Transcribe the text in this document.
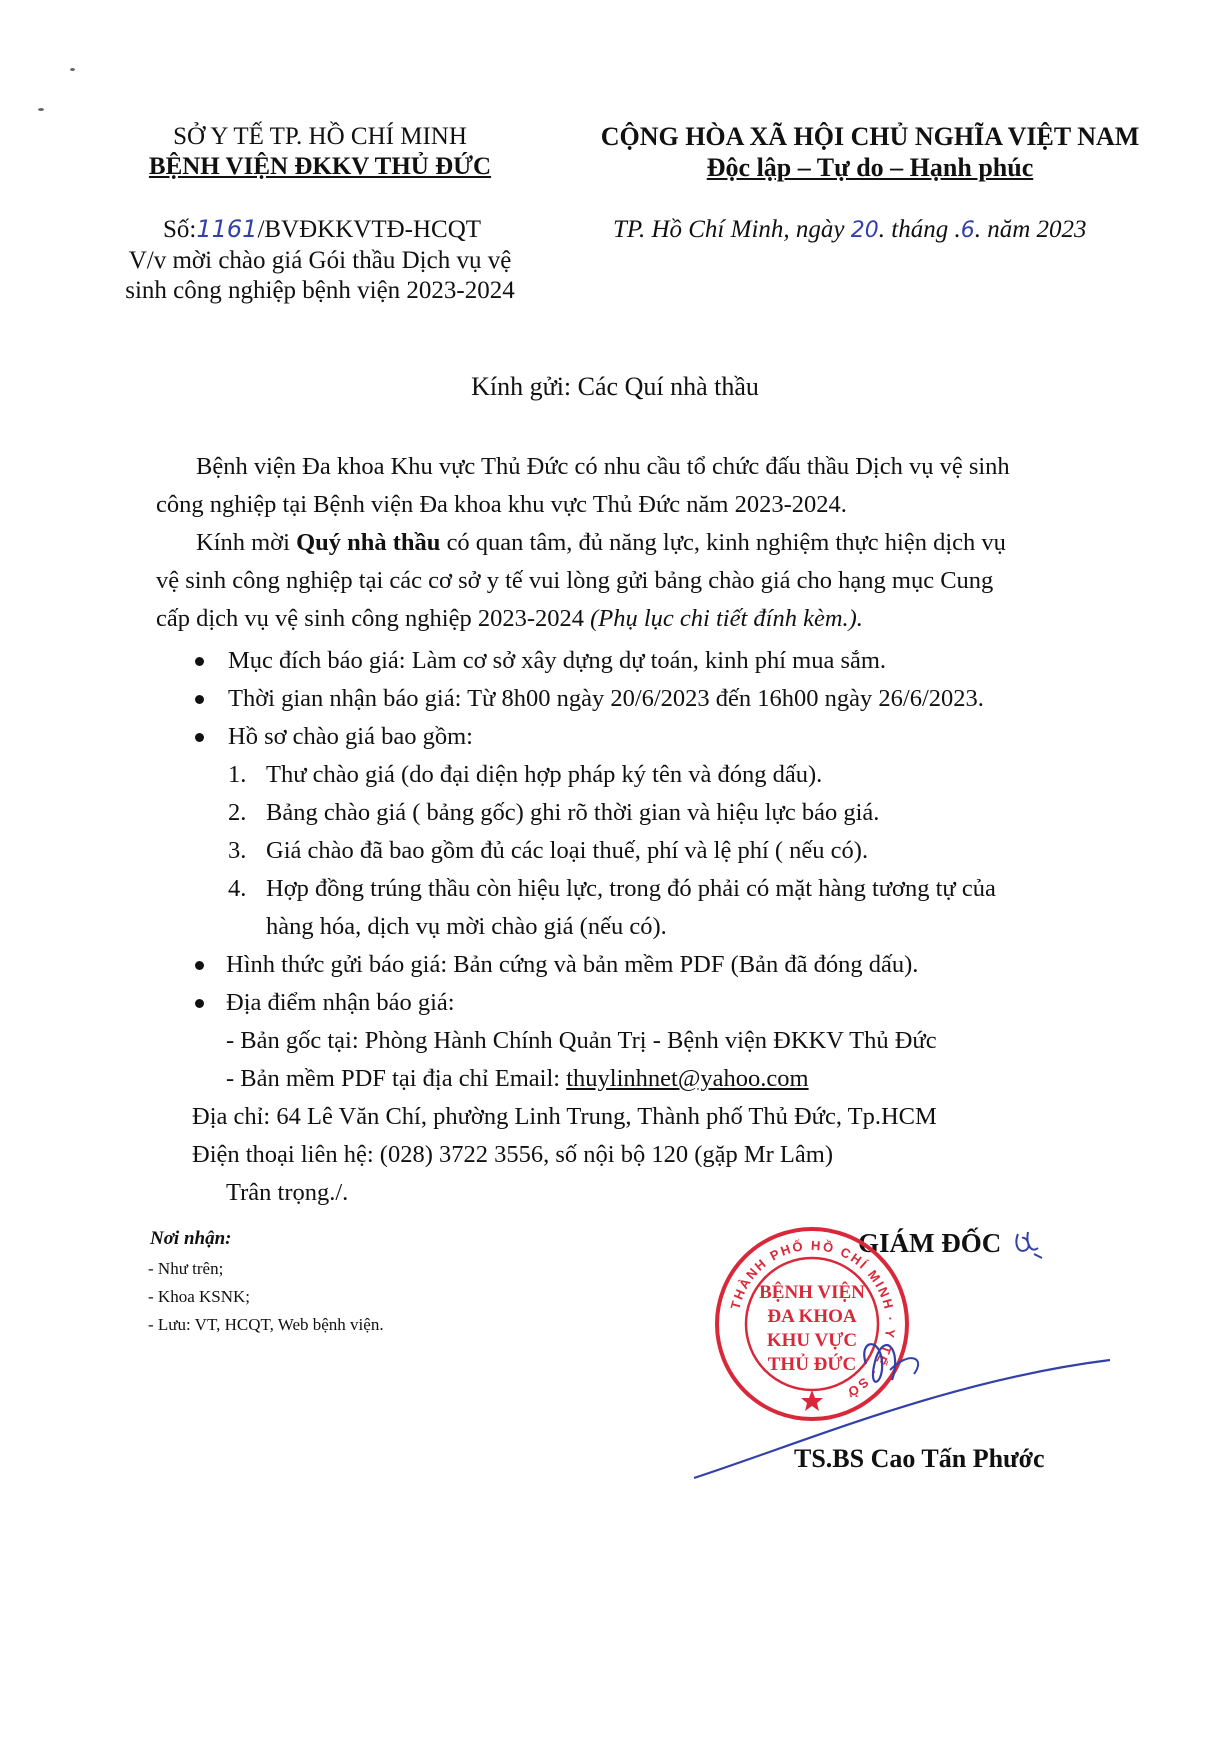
SỞ Y TẾ TP. HỒ CHÍ MINH
BỆNH VIỆN ĐKKV THỦ ĐỨC
Số:1161/BVĐKKVTĐ-HCQT
V/v mời chào giá Gói thầu Dịch vụ vệ
sinh công nghiệp bệnh viện 2023-2024
CỘNG HÒA XÃ HỘI CHỦ NGHĨA VIỆT NAM
Độc lập – Tự do – Hạnh phúc
TP. Hồ Chí Minh, ngày 20. tháng .6. năm 2023
Kính gửi: Các Quí nhà thầu
Bệnh viện Đa khoa Khu vực Thủ Đức có nhu cầu tổ chức đấu thầu Dịch vụ vệ sinh
công nghiệp tại Bệnh viện Đa khoa khu vực Thủ Đức năm 2023-2024.
Kính mời Quý nhà thầu có quan tâm, đủ năng lực, kinh nghiệm thực hiện dịch vụ
vệ sinh công nghiệp tại các cơ sở y tế vui lòng gửi bảng chào giá cho hạng mục Cung
cấp dịch vụ vệ sinh công nghiệp 2023-2024 (Phụ lục chi tiết đính kèm.).
Mục đích báo giá: Làm cơ sở xây dựng dự toán, kinh phí mua sắm.
Thời gian nhận báo giá: Từ 8h00 ngày 20/6/2023 đến 16h00 ngày 26/6/2023.
Hồ sơ chào giá bao gồm:
1. Thư chào giá (do đại diện hợp pháp ký tên và đóng dấu).
2. Bảng chào giá ( bảng gốc) ghi rõ thời gian và hiệu lực báo giá.
3. Giá chào đã bao gồm đủ các loại thuế, phí và lệ phí ( nếu có).
4. Hợp đồng trúng thầu còn hiệu lực, trong đó phải có mặt hàng tương tự của
hàng hóa, dịch vụ mời chào giá (nếu có).
Hình thức gửi báo giá: Bản cứng và bản mềm PDF (Bản đã đóng dấu).
Địa điểm nhận báo giá:
- Bản gốc tại: Phòng Hành Chính Quản Trị - Bệnh viện ĐKKV Thủ Đức
- Bản mềm PDF tại địa chỉ Email: thuylinhnet@yahoo.com
Địa chỉ: 64 Lê Văn Chí, phường Linh Trung, Thành phố Thủ Đức, Tp.HCM
Điện thoại liên hệ: (028) 3722 3556, số nội bộ 120 (gặp Mr Lâm)
Trân trọng./.
Nơi nhận:
- Như trên;
- Khoa KSNK;
- Lưu: VT, HCQT, Web bệnh viện.
GIÁM ĐỐC
THÀNH PHỐ HỒ CHÍ MINH · Y TẾ · SỞ
BỆNH VIỆN
ĐA KHOA
KHU VỰC
THỦ ĐỨC
TS.BS Cao Tấn Phước
